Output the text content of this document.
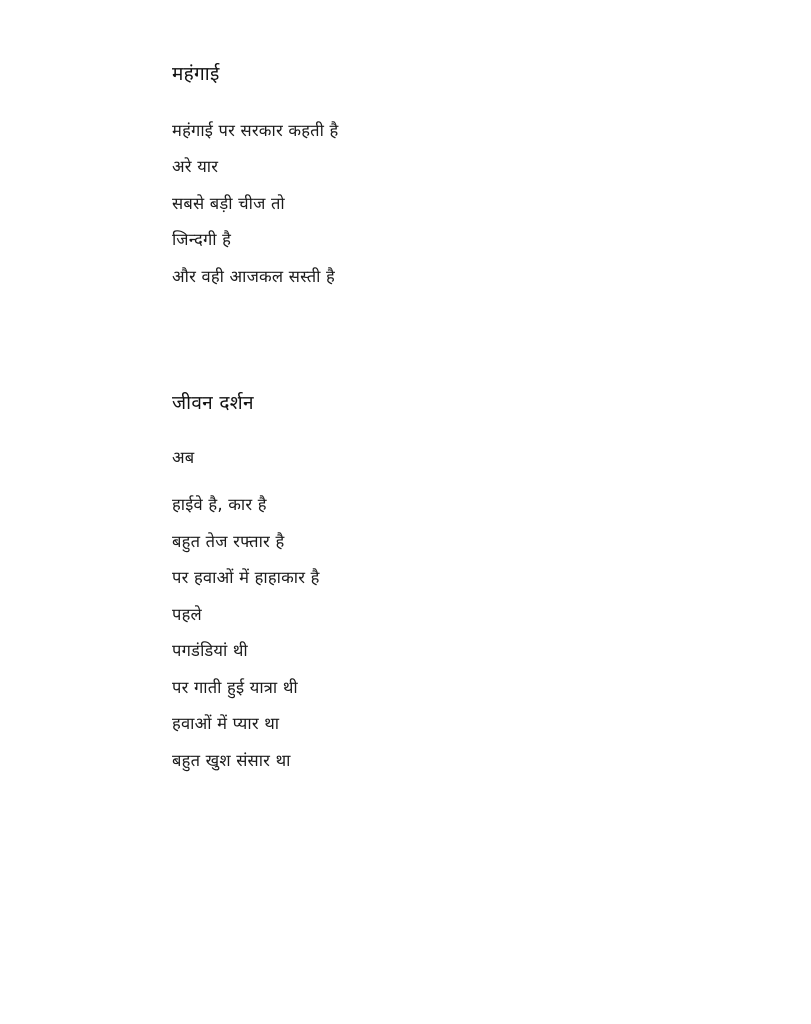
महंगाई
महंगाई पर सरकार कहती है
अरे यार
सबसे बड़ी चीज तो
जिन्दगी है
और वही आजकल सस्ती है
जीवन दर्शन
अब
हाईवे है, कार है
बहुत तेज रफ्तार है
पर हवाओं में हाहाकार है
पहले
पगडंडियां थी
पर गाती हुई यात्रा थी
हवाओं में प्यार था
बहुत खुश संसार था
